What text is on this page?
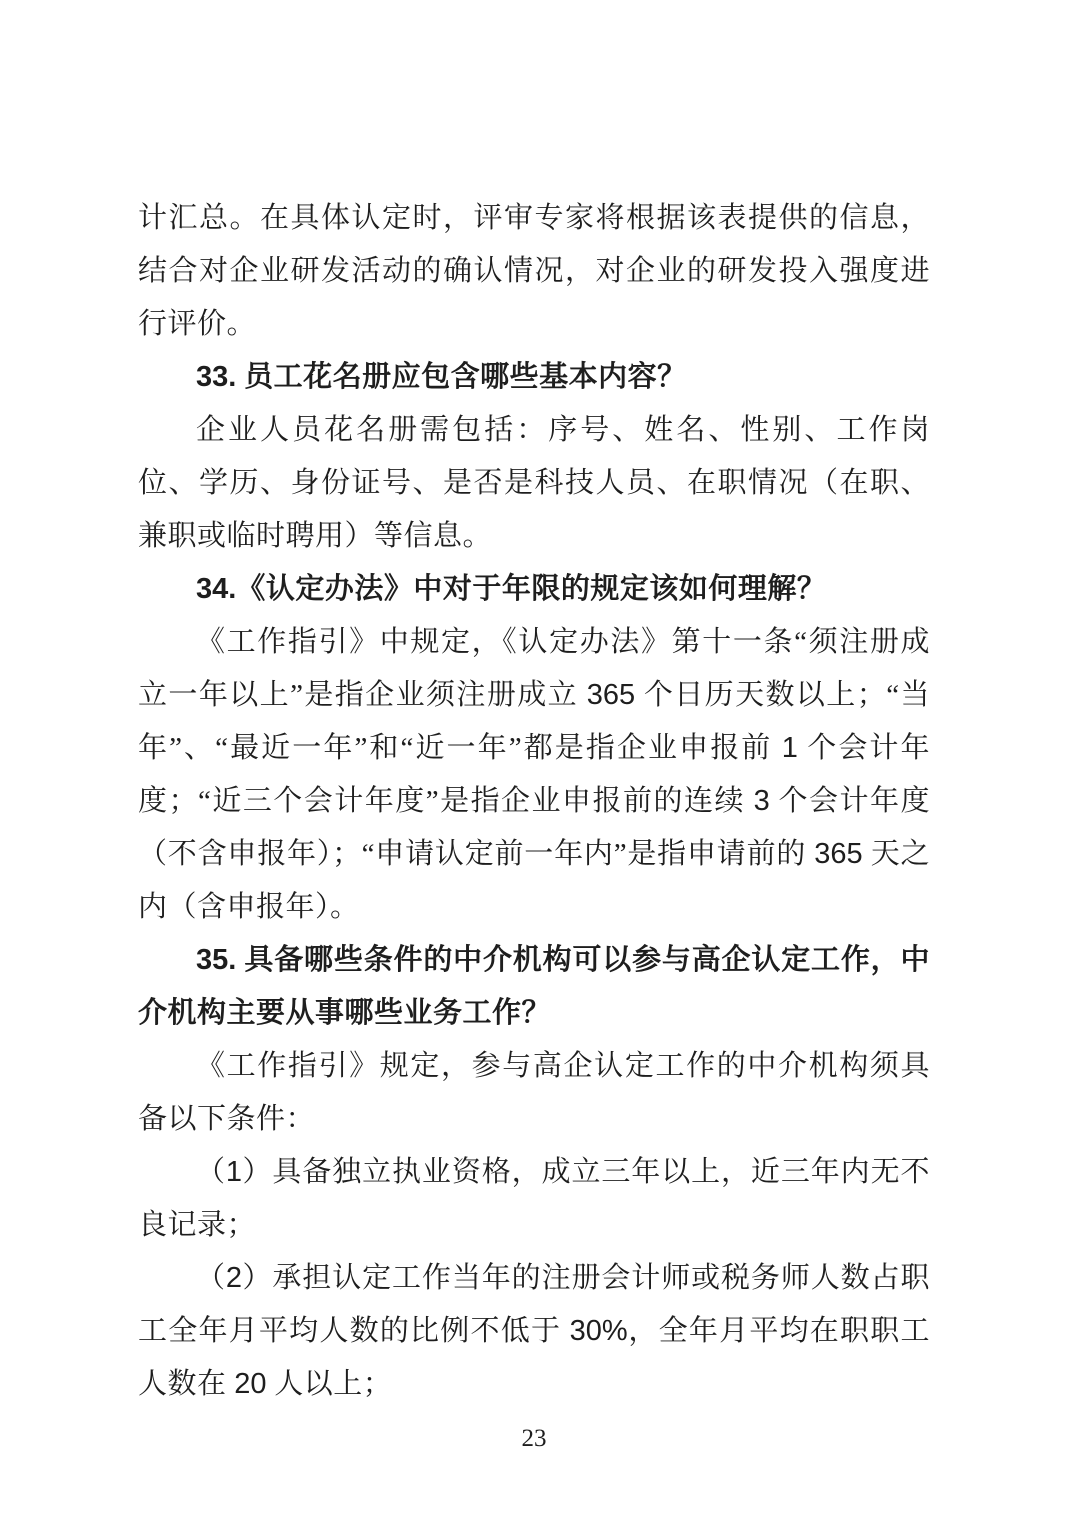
计汇总。在具体认定时，评审专家将根据该表提供的信息，结合对企业研发活动的确认情况，对企业的研发投入强度进行评价。

33. 员工花名册应包含哪些基本内容？

企业人员花名册需包括：序号、姓名、性别、工作岗位、学历、身份证号、是否是科技人员、在职情况（在职、兼职或临时聘用）等信息。

34.《认定办法》中对于年限的规定该如何理解？

《工作指引》中规定，《认定办法》第十一条“须注册成立一年以上”是指企业须注册成立 365 个日历天数以上；“当年”、“最近一年”和“近一年”都是指企业申报前 1 个会计年度；“近三个会计年度”是指企业申报前的连续 3 个会计年度（不含申报年）；“申请认定前一年内”是指申请前的 365 天之内（含申报年）。

35. 具备哪些条件的中介机构可以参与高企认定工作，中介机构主要从事哪些业务工作？

《工作指引》规定，参与高企认定工作的中介机构须具备以下条件：

（1）具备独立执业资格，成立三年以上，近三年内无不良记录；

（2）承担认定工作当年的注册会计师或税务师人数占职工全年月平均人数的比例不低于 30%，全年月平均在职职工人数在 20 人以上；

23
